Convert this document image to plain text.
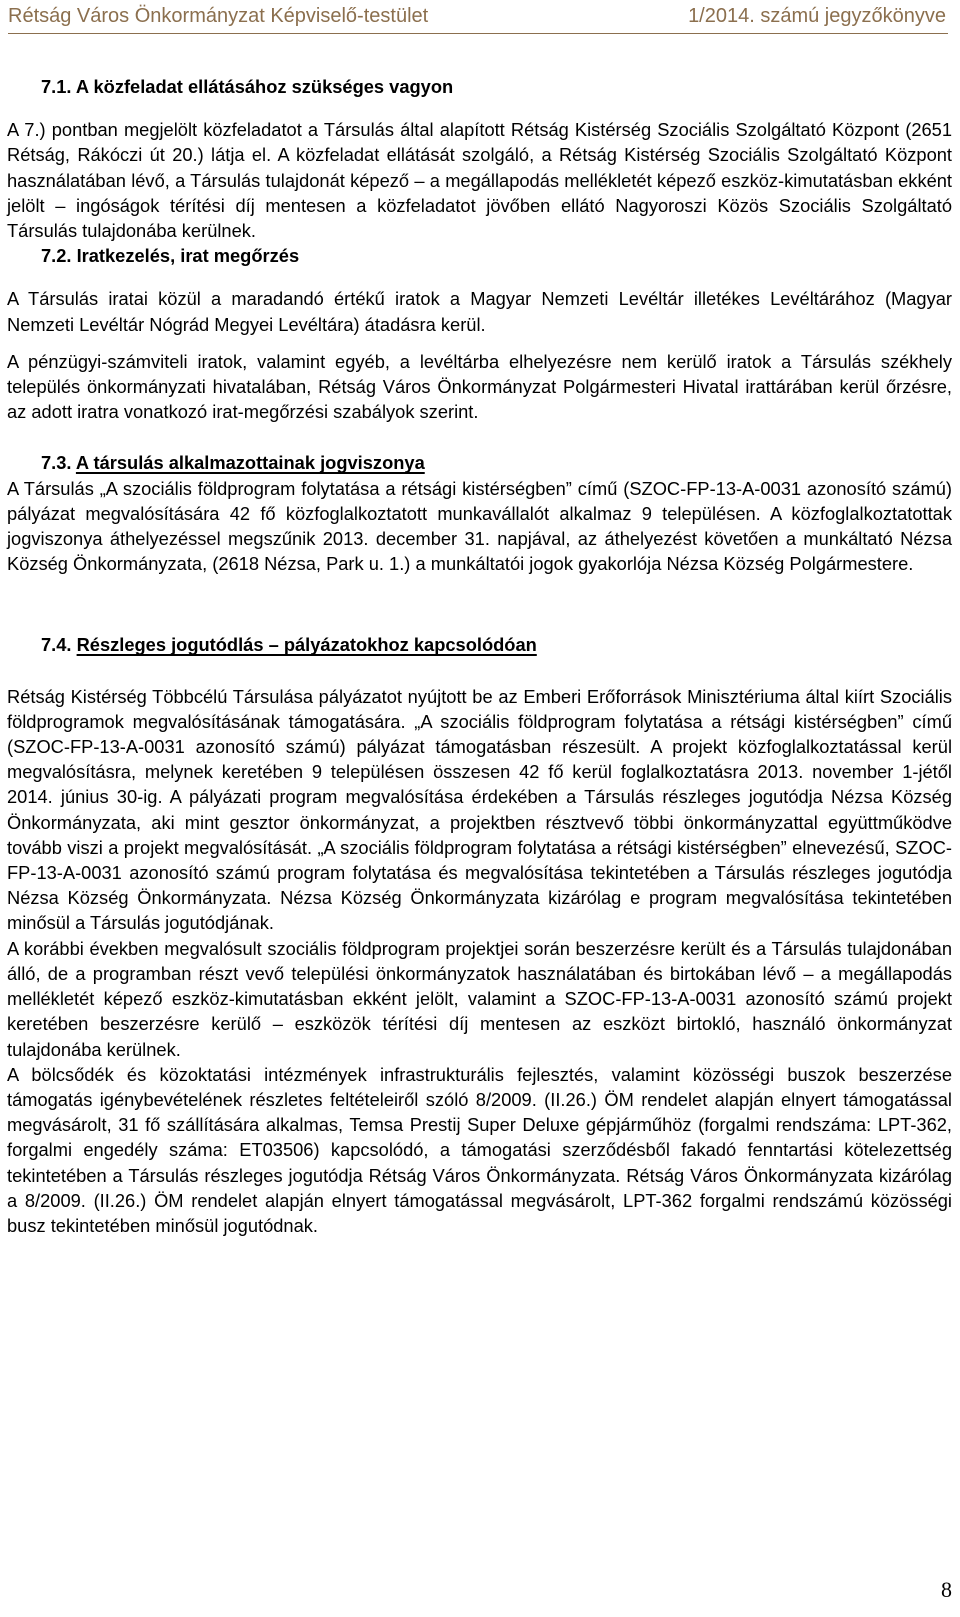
Rétság Város Önkormányzat Képviselő-testület	1/2014. számú jegyzőkönyve

7.1. A közfeladat ellátásához szükséges vagyon

A 7.) pontban megjelölt közfeladatot a Társulás által alapított Rétság Kistérség Szociális Szolgáltató Központ (2651 Rétság, Rákóczi út 20.) látja el. A közfeladat ellátását szolgáló, a Rétság Kistérség Szociális Szolgáltató Központ használatában lévő, a Társulás tulajdonát képező – a megállapodás mellékletét képező eszköz-kimutatásban ekként jelölt – ingóságok térítési díj mentesen a közfeladatot jövőben ellátó Nagyoroszi Közös Szociális Szolgáltató Társulás tulajdonába kerülnek.

7.2. Iratkezelés, irat megőrzés

A Társulás iratai közül a maradandó értékű iratok a Magyar Nemzeti Levéltár illetékes Levéltárához (Magyar Nemzeti Levéltár Nógrád Megyei Levéltára) átadásra kerül.

A pénzügyi-számviteli iratok, valamint egyéb, a levéltárba elhelyezésre nem kerülő iratok a Társulás székhely település önkormányzati hivatalában, Rétság Város Önkormányzat Polgármesteri Hivatal irattárában kerül őrzésre, az adott iratra vonatkozó irat-megőrzési szabályok szerint.

7.3. A társulás alkalmazottainak jogviszonya

A Társulás „A szociális földprogram folytatása a rétsági kistérségben” című (SZOC-FP-13-A-0031 azonosító számú) pályázat megvalósítására 42 fő közfoglalkoztatott munkavállalót alkalmaz 9 településen. A közfoglalkoztatottak jogviszonya áthelyezéssel megszűnik 2013. december 31. napjával, az áthelyezést követően a munkáltató Nézsa Község Önkormányzata, (2618 Nézsa, Park u. 1.) a munkáltatói jogok gyakorlója Nézsa Község Polgármestere.

7.4. Részleges jogutódlás – pályázatokhoz kapcsolódóan

Rétság Kistérség Többcélú Társulása pályázatot nyújtott be az Emberi Erőforrások Minisztériuma által kiírt Szociális földprogramok megvalósításának támogatására. „A szociális földprogram folytatása a rétsági kistérségben” című (SZOC-FP-13-A-0031 azonosító számú) pályázat támogatásban részesült. A projekt közfoglalkoztatással kerül megvalósításra, melynek keretében 9 településen összesen 42 fő kerül foglalkoztatásra 2013. november 1-jétől 2014. június 30-ig. A pályázati program megvalósítása érdekében a Társulás részleges jogutódja Nézsa Község Önkormányzata, aki mint gesztor önkormányzat, a projektben résztvevő többi önkormányzattal együttműködve tovább viszi a projekt megvalósítását. „A szociális földprogram folytatása a rétsági kistérségben” elnevezésű, SZOC-FP-13-A-0031 azonosító számú program folytatása és megvalósítása tekintetében a Társulás részleges jogutódja Nézsa Község Önkormányzata. Nézsa Község Önkormányzata kizárólag e program megvalósítása tekintetében minősül a Társulás jogutódjának.

A korábbi években megvalósult szociális földprogram projektjei során beszerzésre került és a Társulás tulajdonában álló, de a programban részt vevő települési önkormányzatok használatában és birtokában lévő – a megállapodás mellékletét képező eszköz-kimutatásban ekként jelölt, valamint a SZOC-FP-13-A-0031 azonosító számú projekt keretében beszerzésre kerülő – eszközök térítési díj mentesen az eszközt birtokló, használó önkormányzat tulajdonába kerülnek.

A bölcsődék és közoktatási intézmények infrastrukturális fejlesztés, valamint közösségi buszok beszerzése támogatás igénybevételének részletes feltételeiről szóló 8/2009. (II.26.) ÖM rendelet alapján elnyert támogatással megvásárolt, 31 fő szállítására alkalmas, Temsa Prestij Super Deluxe gépjárműhöz (forgalmi rendszáma: LPT-362, forgalmi engedély száma: ET03506) kapcsolódó, a támogatási szerződésből fakadó fenntartási kötelezettség tekintetében a Társulás részleges jogutódja Rétság Város Önkormányzata. Rétság Város Önkormányzata kizárólag a 8/2009. (II.26.) ÖM rendelet alapján elnyert támogatással megvásárolt, LPT-362 forgalmi rendszámú közösségi busz tekintetében minősül jogutódnak.

8
